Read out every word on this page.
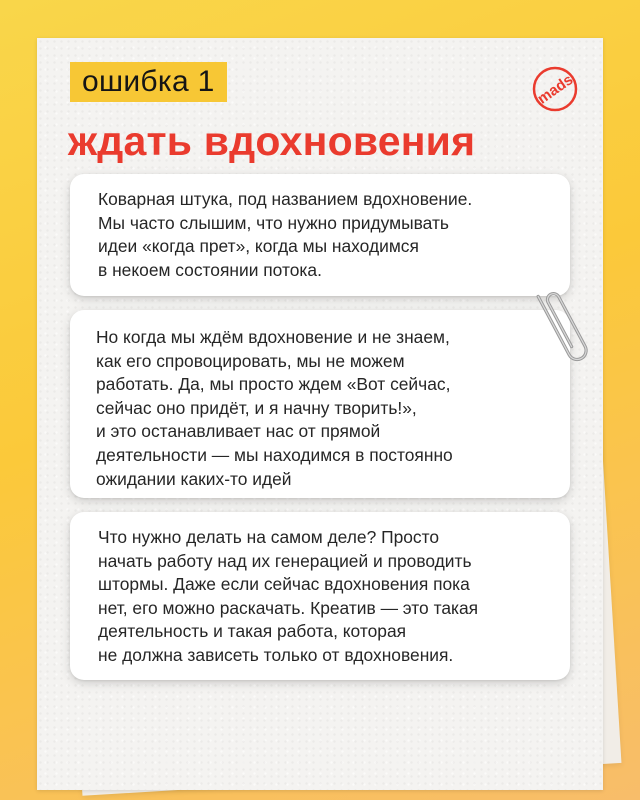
ошибка 1	mads
ждать вдохновения

Коварная штука, под названием вдохновение.
Мы часто слышим, что нужно придумывать
идеи «когда прет», когда мы находимся
в некоем состоянии потока.

Но когда мы ждём вдохновение и не знаем,
как его спровоцировать, мы не можем
работать. Да, мы просто ждем «Вот сейчас,
сейчас оно придёт, и я начну творить!»,
и это останавливает нас от прямой
деятельности — мы находимся в постоянно
ожидании каких-то идей

Что нужно делать на самом деле? Просто
начать работу над их генерацией и проводить
штормы. Даже если сейчас вдохновения пока
нет, его можно раскачать. Креатив — это такая
деятельность и такая работа, которая
не должна зависеть только от вдохновения.
